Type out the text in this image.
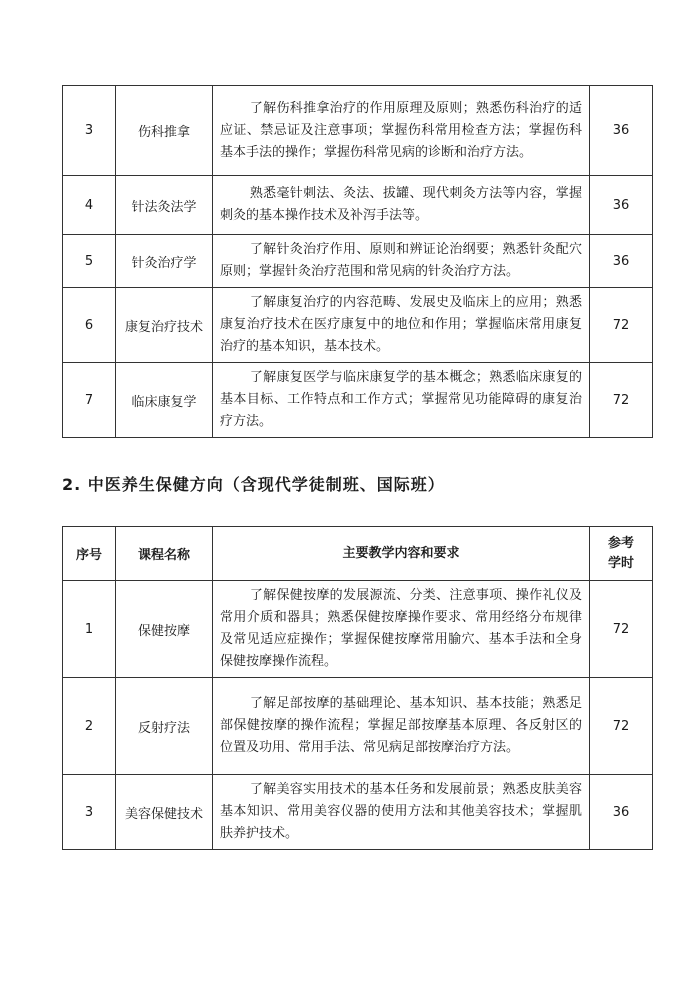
3	伤科推拿	了解伤科推拿治疗的作用原理及原则；熟悉伤科治疗的适应证、禁忌证及注意事项；掌握伤科常用检查方法；掌握伤科基本手法的操作；掌握伤科常见病的诊断和治疗方法。	36
4	针法灸法学	熟悉毫针刺法、灸法、拔罐、现代刺灸方法等内容，掌握刺灸的基本操作技术及补泻手法等。	36
5	针灸治疗学	了解针灸治疗作用、原则和辨证论治纲要；熟悉针灸配穴原则；掌握针灸治疗范围和常见病的针灸治疗方法。	36
6	康复治疗技术	了解康复治疗的内容范畴、发展史及临床上的应用；熟悉康复治疗技术在医疗康复中的地位和作用；掌握临床常用康复治疗的基本知识，基本技术。	72
7	临床康复学	了解康复医学与临床康复学的基本概念；熟悉临床康复的基本目标、工作特点和工作方式；掌握常见功能障碍的康复治疗方法。	72
2. 中医养生保健方向（含现代学徒制班、国际班）
序号	课程名称	主要教学内容和要求	参考
学时
1	保健按摩	了解保健按摩的发展源流、分类、注意事项、操作礼仪及常用介质和器具；熟悉保健按摩操作要求、常用经络分布规律及常见适应症操作；掌握保健按摩常用腧穴、基本手法和全身保健按摩操作流程。	72
2	反射疗法	了解足部按摩的基础理论、基本知识、基本技能；熟悉足部保健按摩的操作流程；掌握足部按摩基本原理、各反射区的位置及功用、常用手法、常见病足部按摩治疗方法。	72
3	美容保健技术	了解美容实用技术的基本任务和发展前景；熟悉皮肤美容基本知识、常用美容仪器的使用方法和其他美容技术；掌握肌肤养护技术。	36
